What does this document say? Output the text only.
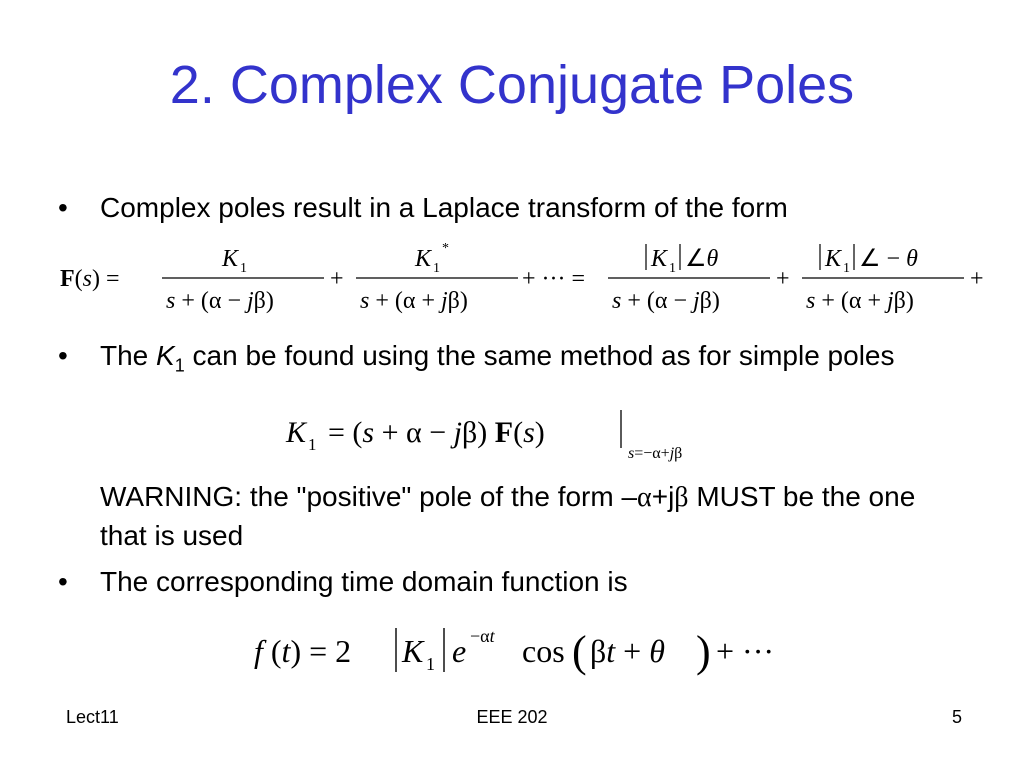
2. Complex Conjugate Poles
• Complex poles result in a Laplace transform of the form
F(s) =
K 1
s + (α − jβ)
+
K 1
*
s + (α + jβ)
+ ··· =
K 1 ∠θ
s + (α − jβ)
+
K 1 ∠ − θ
s + (α + jβ)
+
• The $K_1$ can be found using the same method as for simple poles
K 1 = (s + α − jβ) F(s)
s=−α+jβ
WARNING: the "positive" pole of the form –α+jβ MUST be the one that is used
• The corresponding time domain function is
f (t) = 2 K 1 e −αt cos ( βt + θ ) + ···
Lect11	EEE 202	5
